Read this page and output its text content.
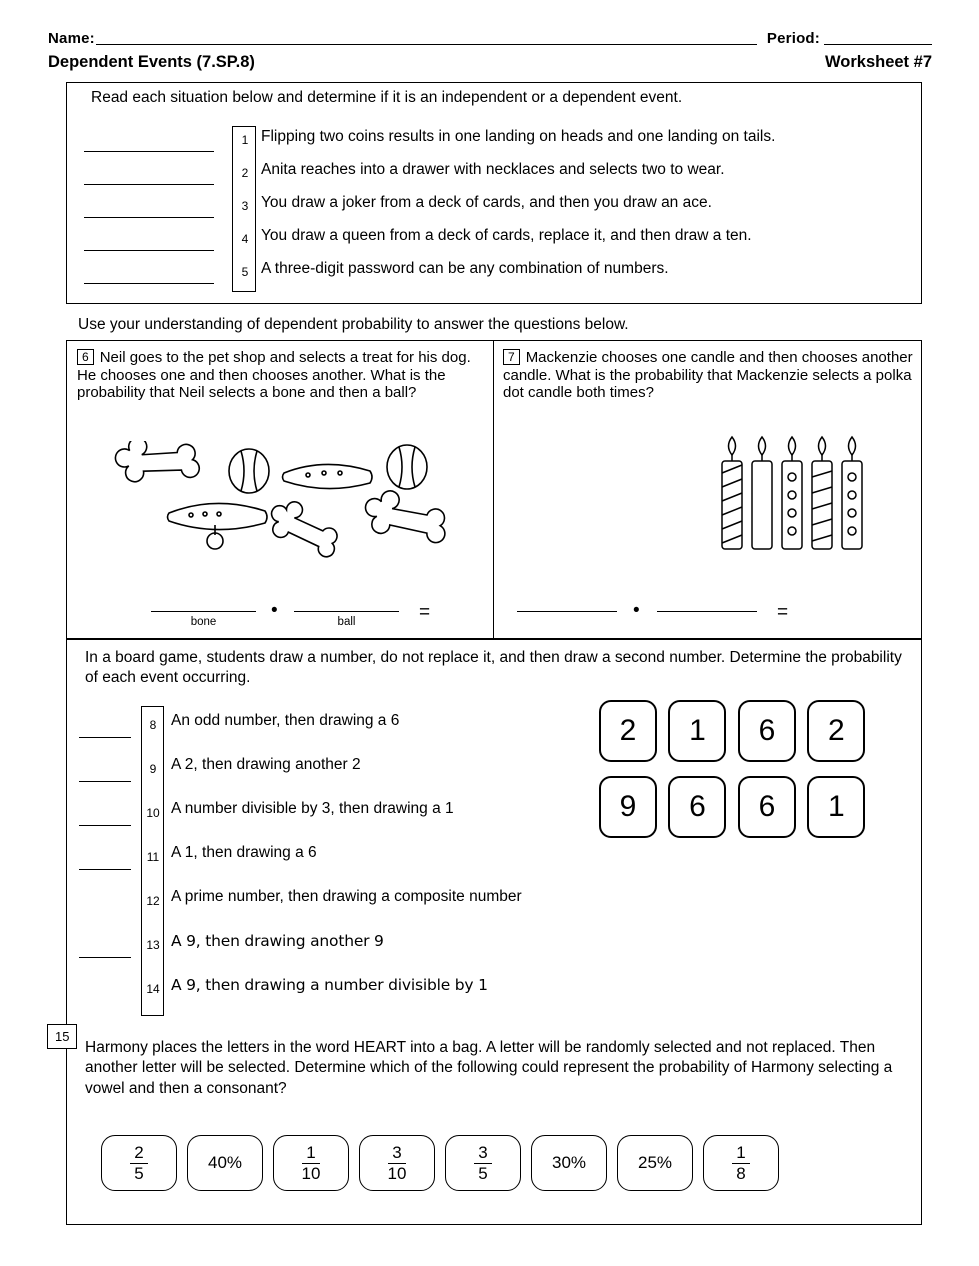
Name:	Period:
Dependent Events (7.SP.8)	Worksheet #7
Read each situation below and determine if it is an independent or a dependent event.
1 Flipping two coins results in one landing on heads and one landing on tails.
2 Anita reaches into a drawer with necklaces and selects two to wear.
3 You draw a joker from a deck of cards, and then you draw an ace.
4 You draw a queen from a deck of cards, replace it, and then draw a ten.
5 A three-digit password can be any combination of numbers.
Use your understanding of dependent probability to answer the questions below.
6 Neil goes to the pet shop and selects a treat for his dog. He chooses one and then chooses another. What is the probability that Neil selects a bone and then a ball?
•	=
bone	ball
7 Mackenzie chooses one candle and then chooses another candle. What is the probability that Mackenzie selects a polka dot candle both times?
•	=
In a board game, students draw a number, do not replace it, and then draw a second number. Determine the probability of each event occurring.
8 An odd number, then drawing a 6
9 A 2, then drawing another 2
10 A number divisible by 3, then drawing a 1
11 A 1, then drawing a 6
12 A prime number, then drawing a composite number
13 A 9, then drawing another 9
14 A 9, then drawing a number divisible by 1
2 1 6 2
9 6 6 1
15
Harmony places the letters in the word HEART into a bag. A letter will be randomly selected and not replaced. Then another letter will be selected. Determine which of the following could represent the probability of Harmony selecting a vowel and then a consonant?
$\frac{2}{5}$	40%	$\frac{1}{10}$	$\frac{3}{10}$	$\frac{3}{5}$	30%	25%	$\frac{1}{8}$
